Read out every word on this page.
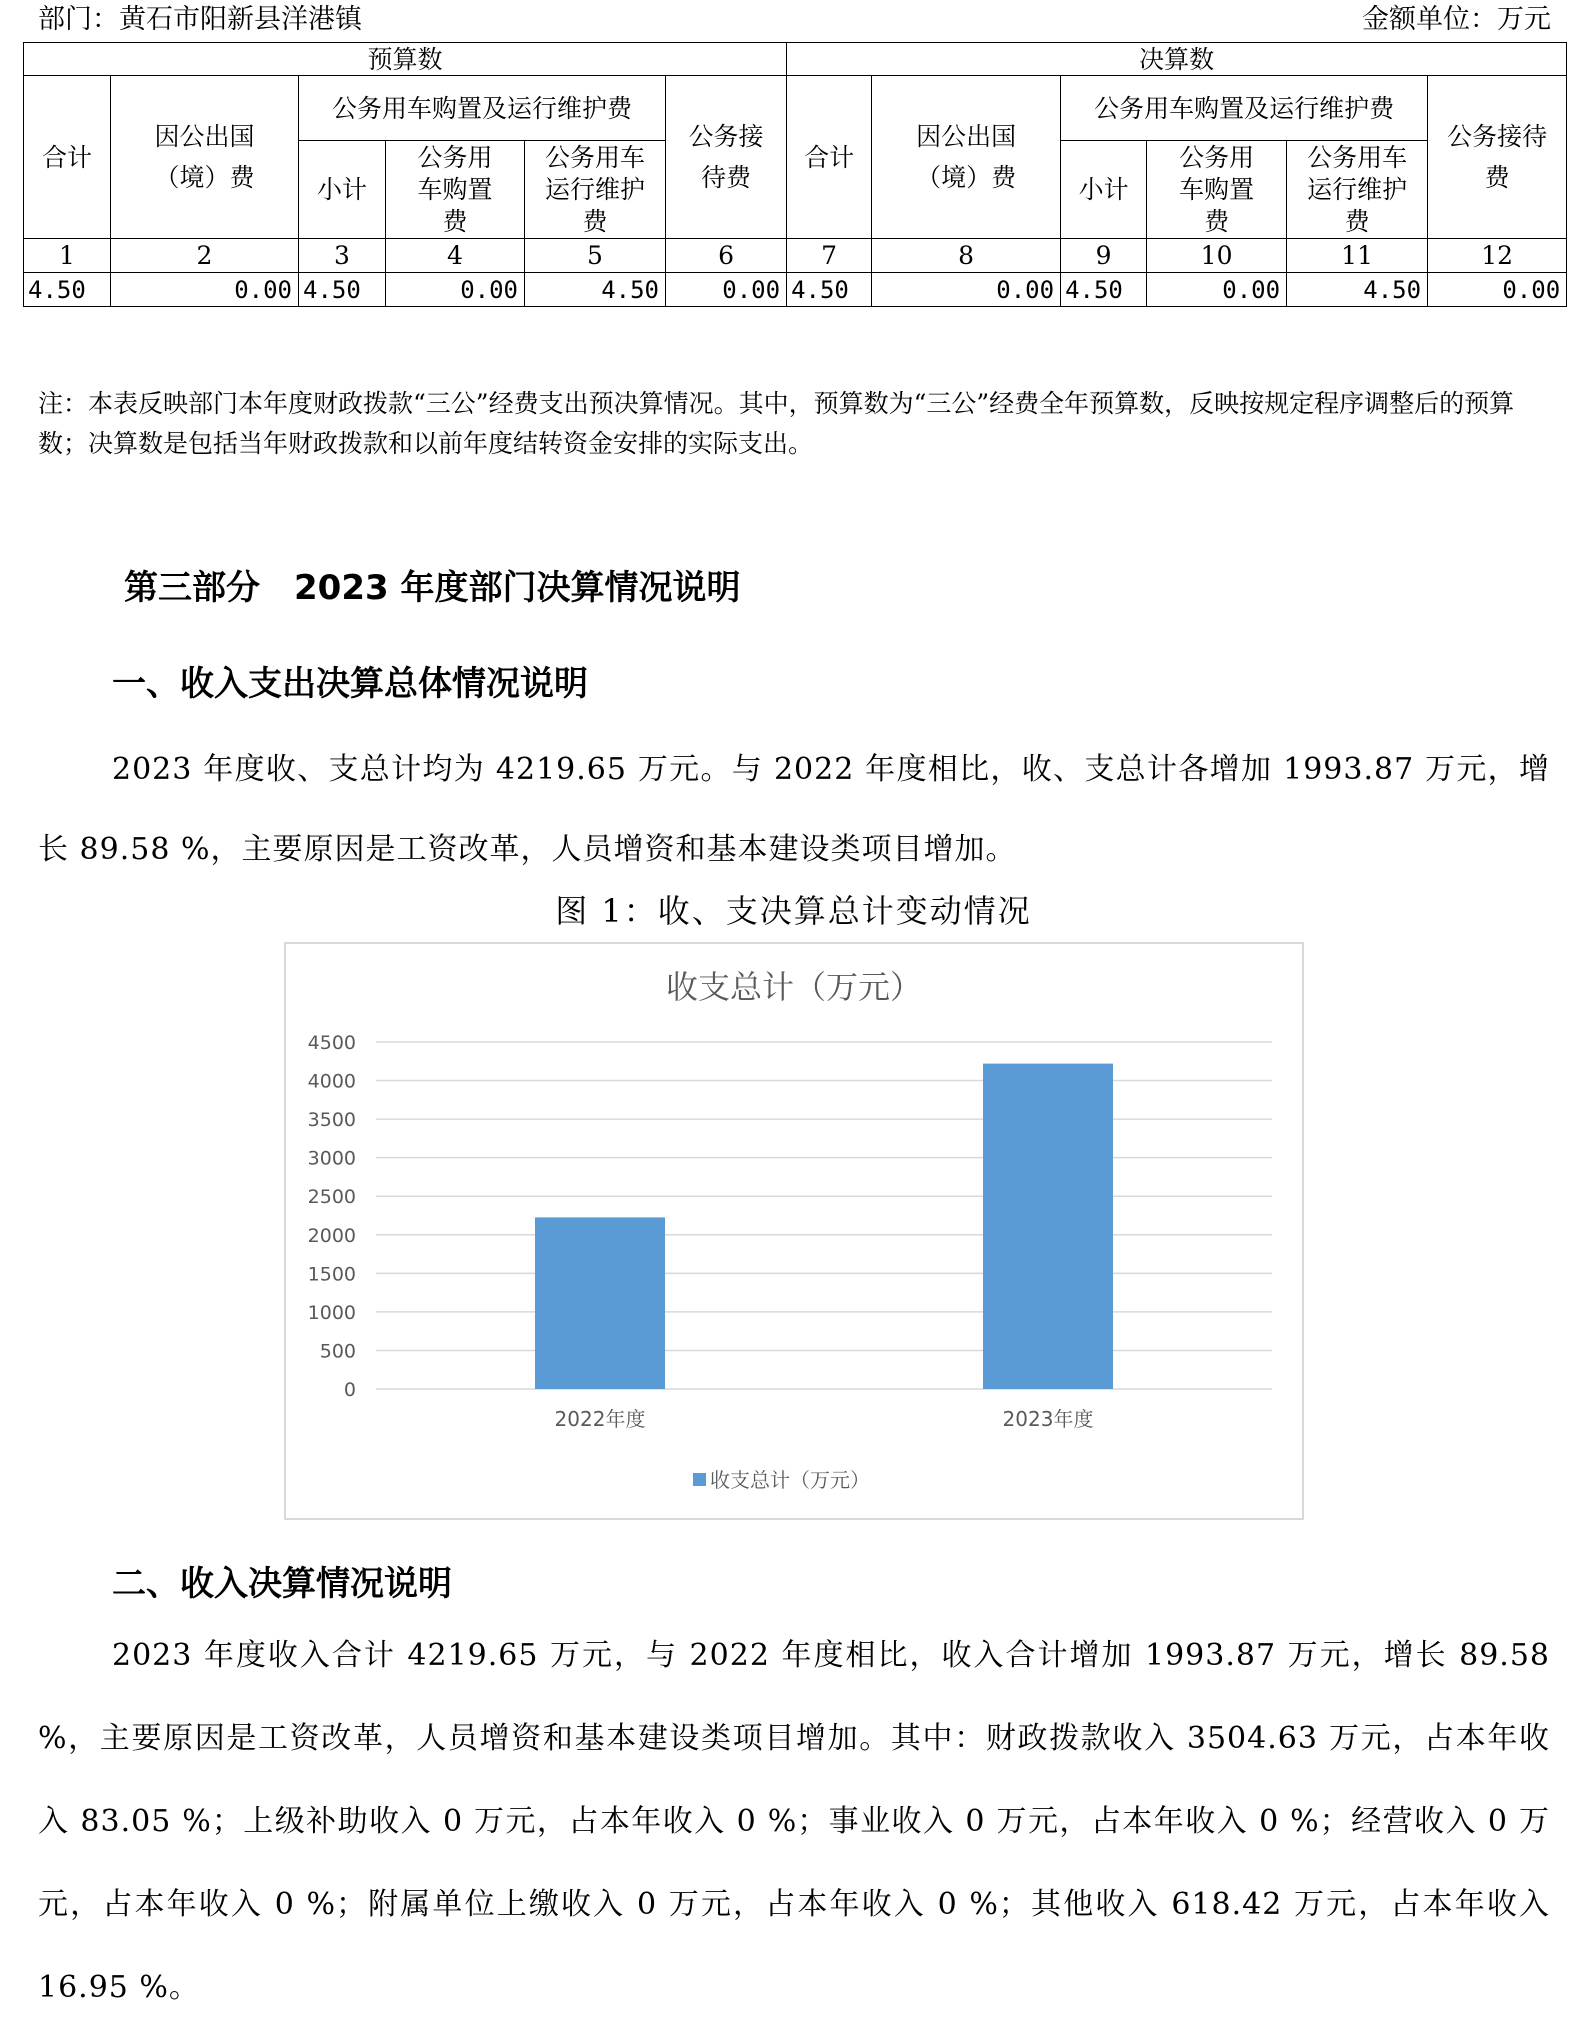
部门：黄石市阳新县洋港镇	金额单位：万元
预算数						决算数					
合计	因公出国（境）费	公务用车购置及运行维护费			公务接待费	合计	因公出国（境）费	公务用车购置及运行维护费			公务接待费
		小计	公务用车购置费	公务用车运行维护费				小计	公务用车购置费	公务用车运行维护费	
1	2	3	4	5	6	7	8	9	10	11	12
4.50	0.00	4.50	0.00	4.50	0.00	4.50	0.00	4.50	0.00	4.50	0.00
注：本表反映部门本年度财政拨款“三公”经费支出预决算情况。其中，预算数为“三公”经费全年预算数，反映按规定程序调整后的预算数；决算数是包括当年财政拨款和以前年度结转资金安排的实际支出。
第三部分　2023 年度部门决算情况说明
一、收入支出决算总体情况说明
2023 年度收、支总计均为 4219.65 万元。与 2022 年度相比，收、支总计各增加 1993.87 万元，增长 89.58 %，主要原因是工资改革，人员增资和基本建设类项目增加。
图 1：收、支决算总计变动情况
收支总计（万元）
0
500
1000
1500
2000
2500
3000
3500
4000
4500
2022年度	2023年度
收支总计（万元）
二、收入决算情况说明
2023 年度收入合计 4219.65 万元，与 2022 年度相比，收入合计增加 1993.87 万元，增长 89.58 %，主要原因是工资改革，人员增资和基本建设类项目增加。其中：财政拨款收入 3504.63 万元，占本年收入 83.05 %；上级补助收入 0 万元，占本年收入 0 %；事业收入 0 万元，占本年收入 0 %；经营收入 0 万元，占本年收入 0 %；附属单位上缴收入 0 万元，占本年收入 0 %；其他收入 618.42 万元，占本年收入 16.95 %。
